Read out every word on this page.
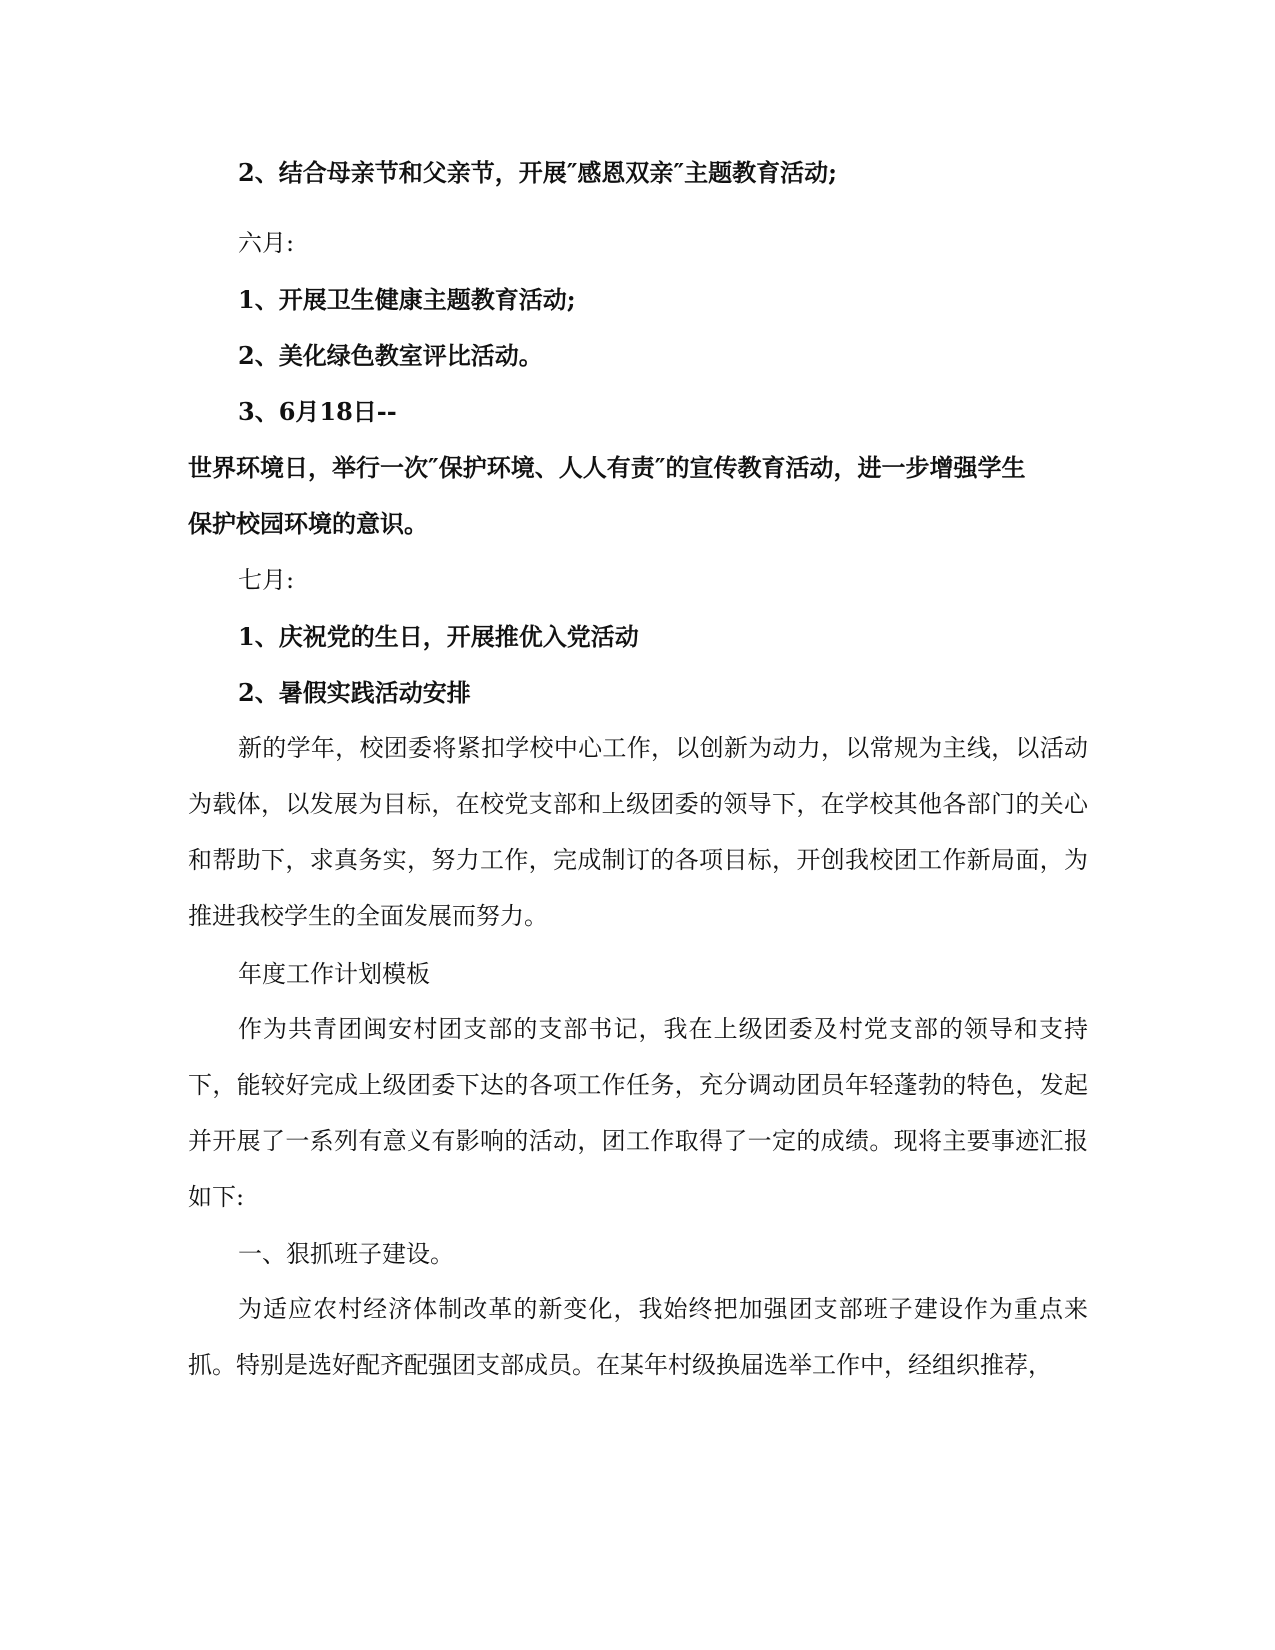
2、结合母亲节和父亲节，开展″感恩双亲″主题教育活动;

六月:

1、开展卫生健康主题教育活动;

2、美化绿色教室评比活动。

3、6月18日--

世界环境日，举行一次″保护环境、人人有责″的宣传教育活动，进一步增强学生

保护校园环境的意识。

七月:

1、庆祝党的生日，开展推优入党活动

2、暑假实践活动安排

新的学年，校团委将紧扣学校中心工作，以创新为动力，以常规为主线，以活动为载体，以发展为目标，在校党支部和上级团委的领导下，在学校其他各部门的关心和帮助下，求真务实，努力工作，完成制订的各项目标，开创我校团工作新局面，为推进我校学生的全面发展而努力。

年度工作计划模板

作为共青团闽安村团支部的支部书记，我在上级团委及村党支部的领导和支持下，能较好完成上级团委下达的各项工作任务，充分调动团员年轻蓬勃的特色，发起并开展了一系列有意义有影响的活动，团工作取得了一定的成绩。现将主要事迹汇报如下:

一、狠抓班子建设。

为适应农村经济体制改革的新变化，我始终把加强团支部班子建设作为重点来抓。特别是选好配齐配强团支部成员。在某年村级换届选举工作中，经组织推荐，
